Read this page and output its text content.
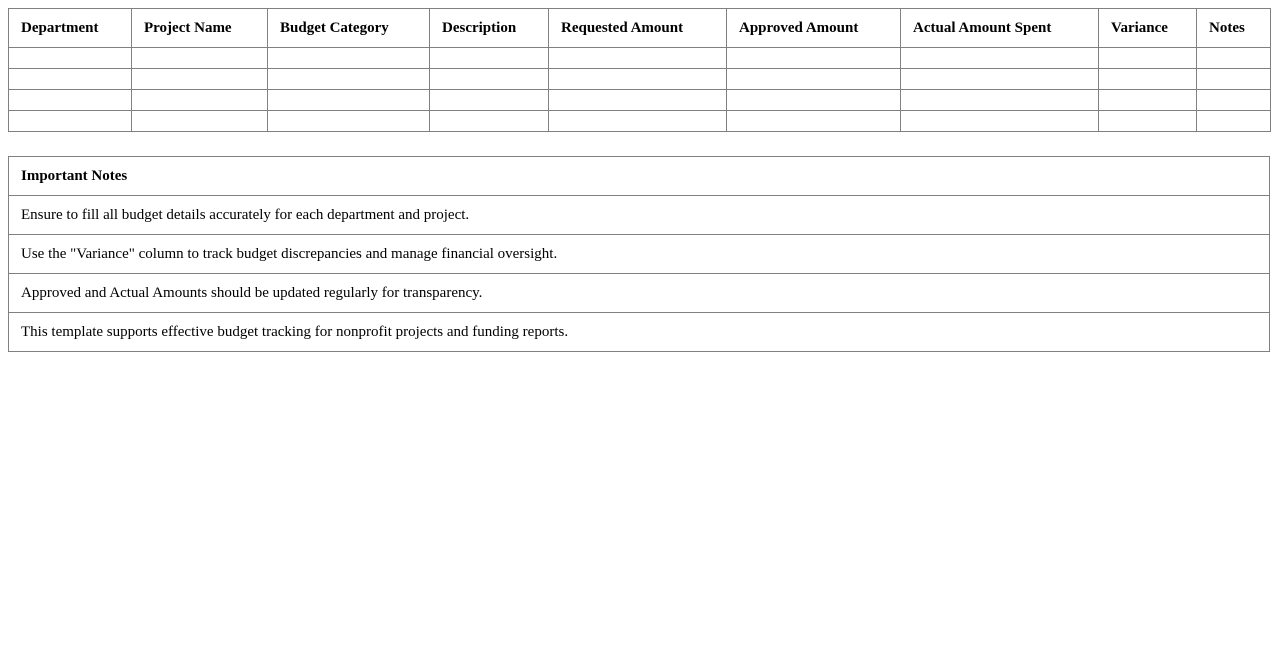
Department	Project Name	Budget Category	Description	Requested Amount	Approved Amount	Actual Amount Spent	Variance	Notes

Important Notes
Ensure to fill all budget details accurately for each department and project.
Use the "Variance" column to track budget discrepancies and manage financial oversight.
Approved and Actual Amounts should be updated regularly for transparency.
This template supports effective budget tracking for nonprofit projects and funding reports.
